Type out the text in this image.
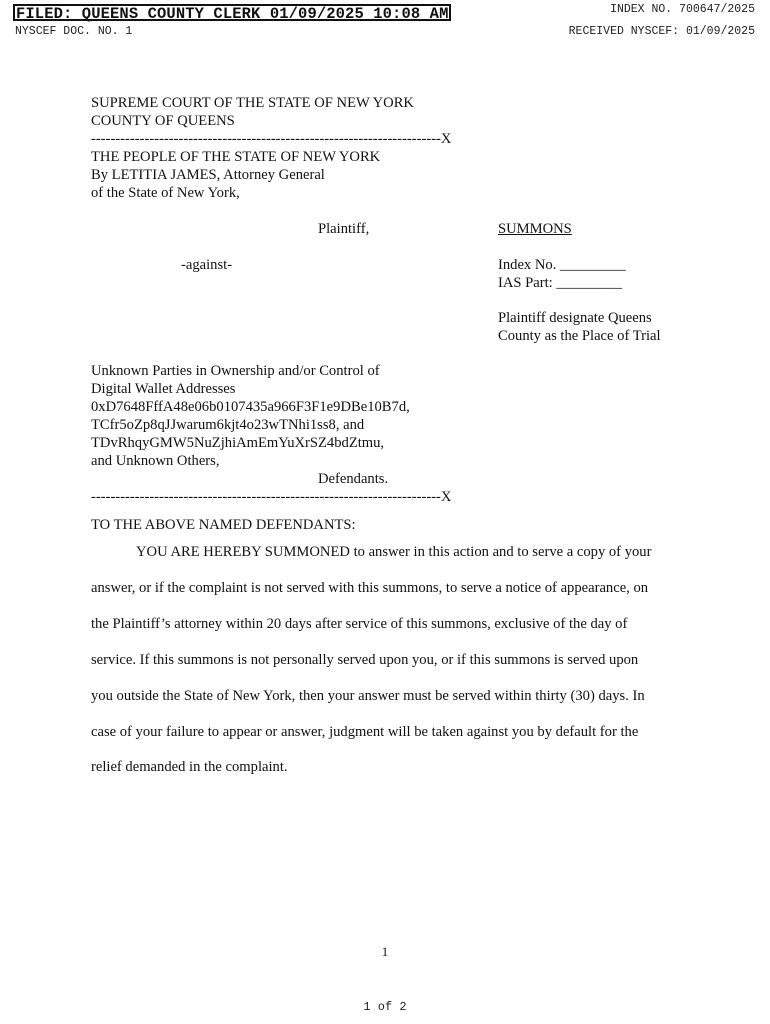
FILED: QUEENS COUNTY CLERK 01/09/2025 10:08 AM	INDEX NO. 700647/2025
NYSCEF DOC. NO. 1	RECEIVED NYSCEF: 01/09/2025
SUPREME COURT OF THE STATE OF NEW YORK
COUNTY OF QUEENS
------------------------------------------------------------------------X
THE PEOPLE OF THE STATE OF NEW YORK
By LETITIA JAMES, Attorney General
of the State of New York,
Plaintiff,	SUMMONS
-against-	Index No. _________
IAS Part: _________
Plaintiff designate Queens
County as the Place of Trial
Unknown Parties in Ownership and/or Control of
Digital Wallet Addresses
0xD7648FffA48e06b0107435a966F3F1e9DBe10B7d,
TCfr5oZp8qJJwarum6kjt4o23wTNhi1ss8, and
TDvRhqyGMW5NuZjhiAmEmYuXrSZ4bdZtmu,
and Unknown Others,
Defendants.
------------------------------------------------------------------------X
TO THE ABOVE NAMED DEFENDANTS:
YOU ARE HEREBY SUMMONED to answer in this action and to serve a copy of your
answer, or if the complaint is not served with this summons, to serve a notice of appearance, on
the Plaintiff’s attorney within 20 days after service of this summons, exclusive of the day of
service. If this summons is not personally served upon you, or if this summons is served upon
you outside the State of New York, then your answer must be served within thirty (30) days. In
case of your failure to appear or answer, judgment will be taken against you by default for the
relief demanded in the complaint.
1
1 of 2
